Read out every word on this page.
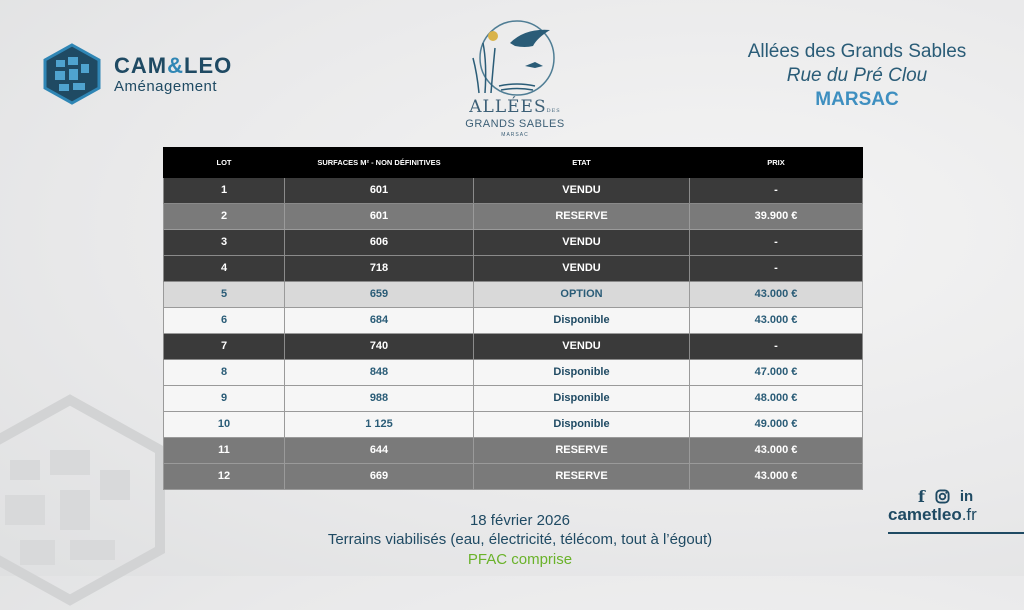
CAM&LEO
Aménagement
ALLÉESDES
GRANDS SABLES
MARSAC
Allées des Grands Sables
Rue du Pré Clou
MARSAC
LOT	SURFACES M² - NON DÉFINITIVES	ETAT	PRIX
1	601	VENDU	-
2	601	RESERVE	39.900 €
3	606	VENDU	-
4	718	VENDU	-
5	659	OPTION	43.000 €
6	684	Disponible	43.000 €
7	740	VENDU	-
8	848	Disponible	47.000 €
9	988	Disponible	48.000 €
10	1 125	Disponible	49.000 €
11	644	RESERVE	43.000 €
12	669	RESERVE	43.000 €
18 février 2026
Terrains viabilisés (eau, électricité, télécom, tout à l’égout)
PFAC comprise
f in
cametleo.fr
